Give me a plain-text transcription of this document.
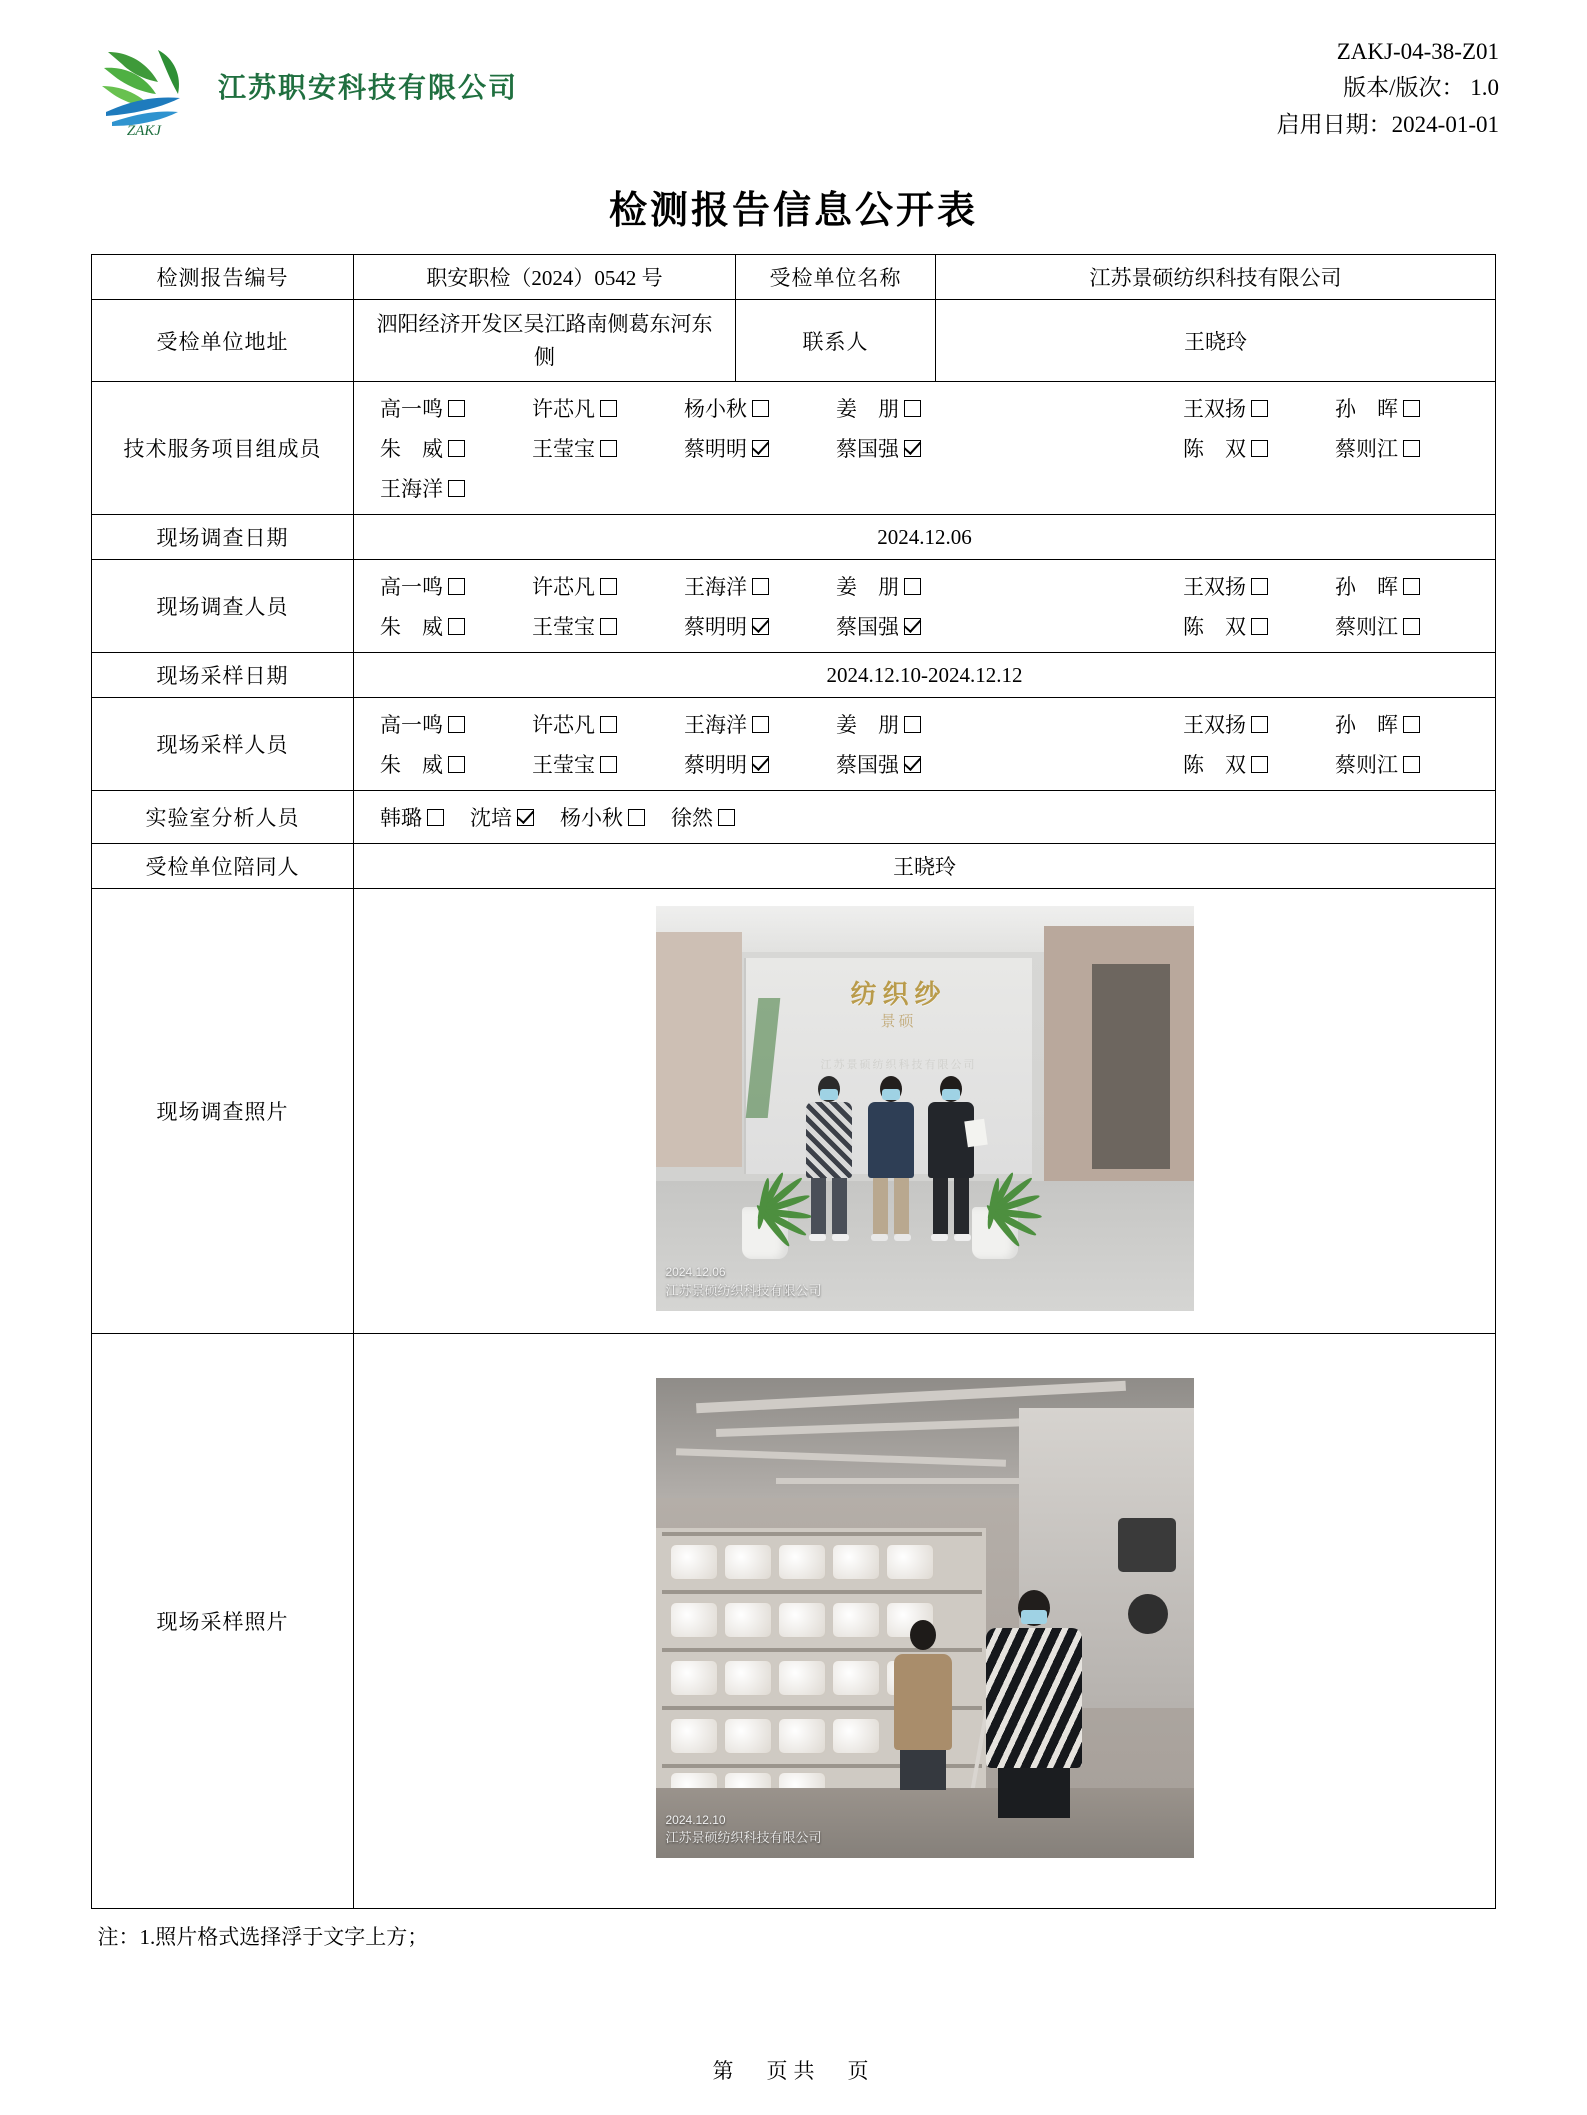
ZAKJ
江苏职安科技有限公司
ZAKJ-04-38-Z01
版本/版次： 1.0
启用日期：2024-01-01
检测报告信息公开表
检测报告编号	职安职检（2024）0542 号	受检单位名称	江苏景硕纺织科技有限公司
受检单位地址	泗阳经济开发区吴江路南侧葛东河东侧	联系人	王晓玲
技术服务项目组成员	
高一鸣	许芯凡	杨小秋	姜　朋	王双扬	孙　晖
朱　威	王莹宝	蔡明明	蔡国强	陈　双	蔡则江
王海洋

现场调查日期	2024.12.06		
现场调查人员	
高一鸣	许芯凡	王海洋	姜　朋	王双扬	孙　晖
朱　威	王莹宝	蔡明明	蔡国强	陈　双	蔡则江

现场采样日期	2024.12.10-2024.12.12		
现场采样人员	
高一鸣	许芯凡	王海洋	姜　朋	王双扬	孙　晖
朱　威	王莹宝	蔡明明	蔡国强	陈　双	蔡则江

实验室分析人员	韩璐 沈培 杨小秋 徐然		

受检单位陪同人	王晓玲		
现场调查照片	纺织纱
景硕
江苏景硕纺织科技有限公司
2024.12.06
江苏景硕纺织科技有限公司		

现场采样照片	2024.12.10
江苏景硕纺织科技有限公司		
注：1.照片格式选择浮于文字上方；
第　页共　页
